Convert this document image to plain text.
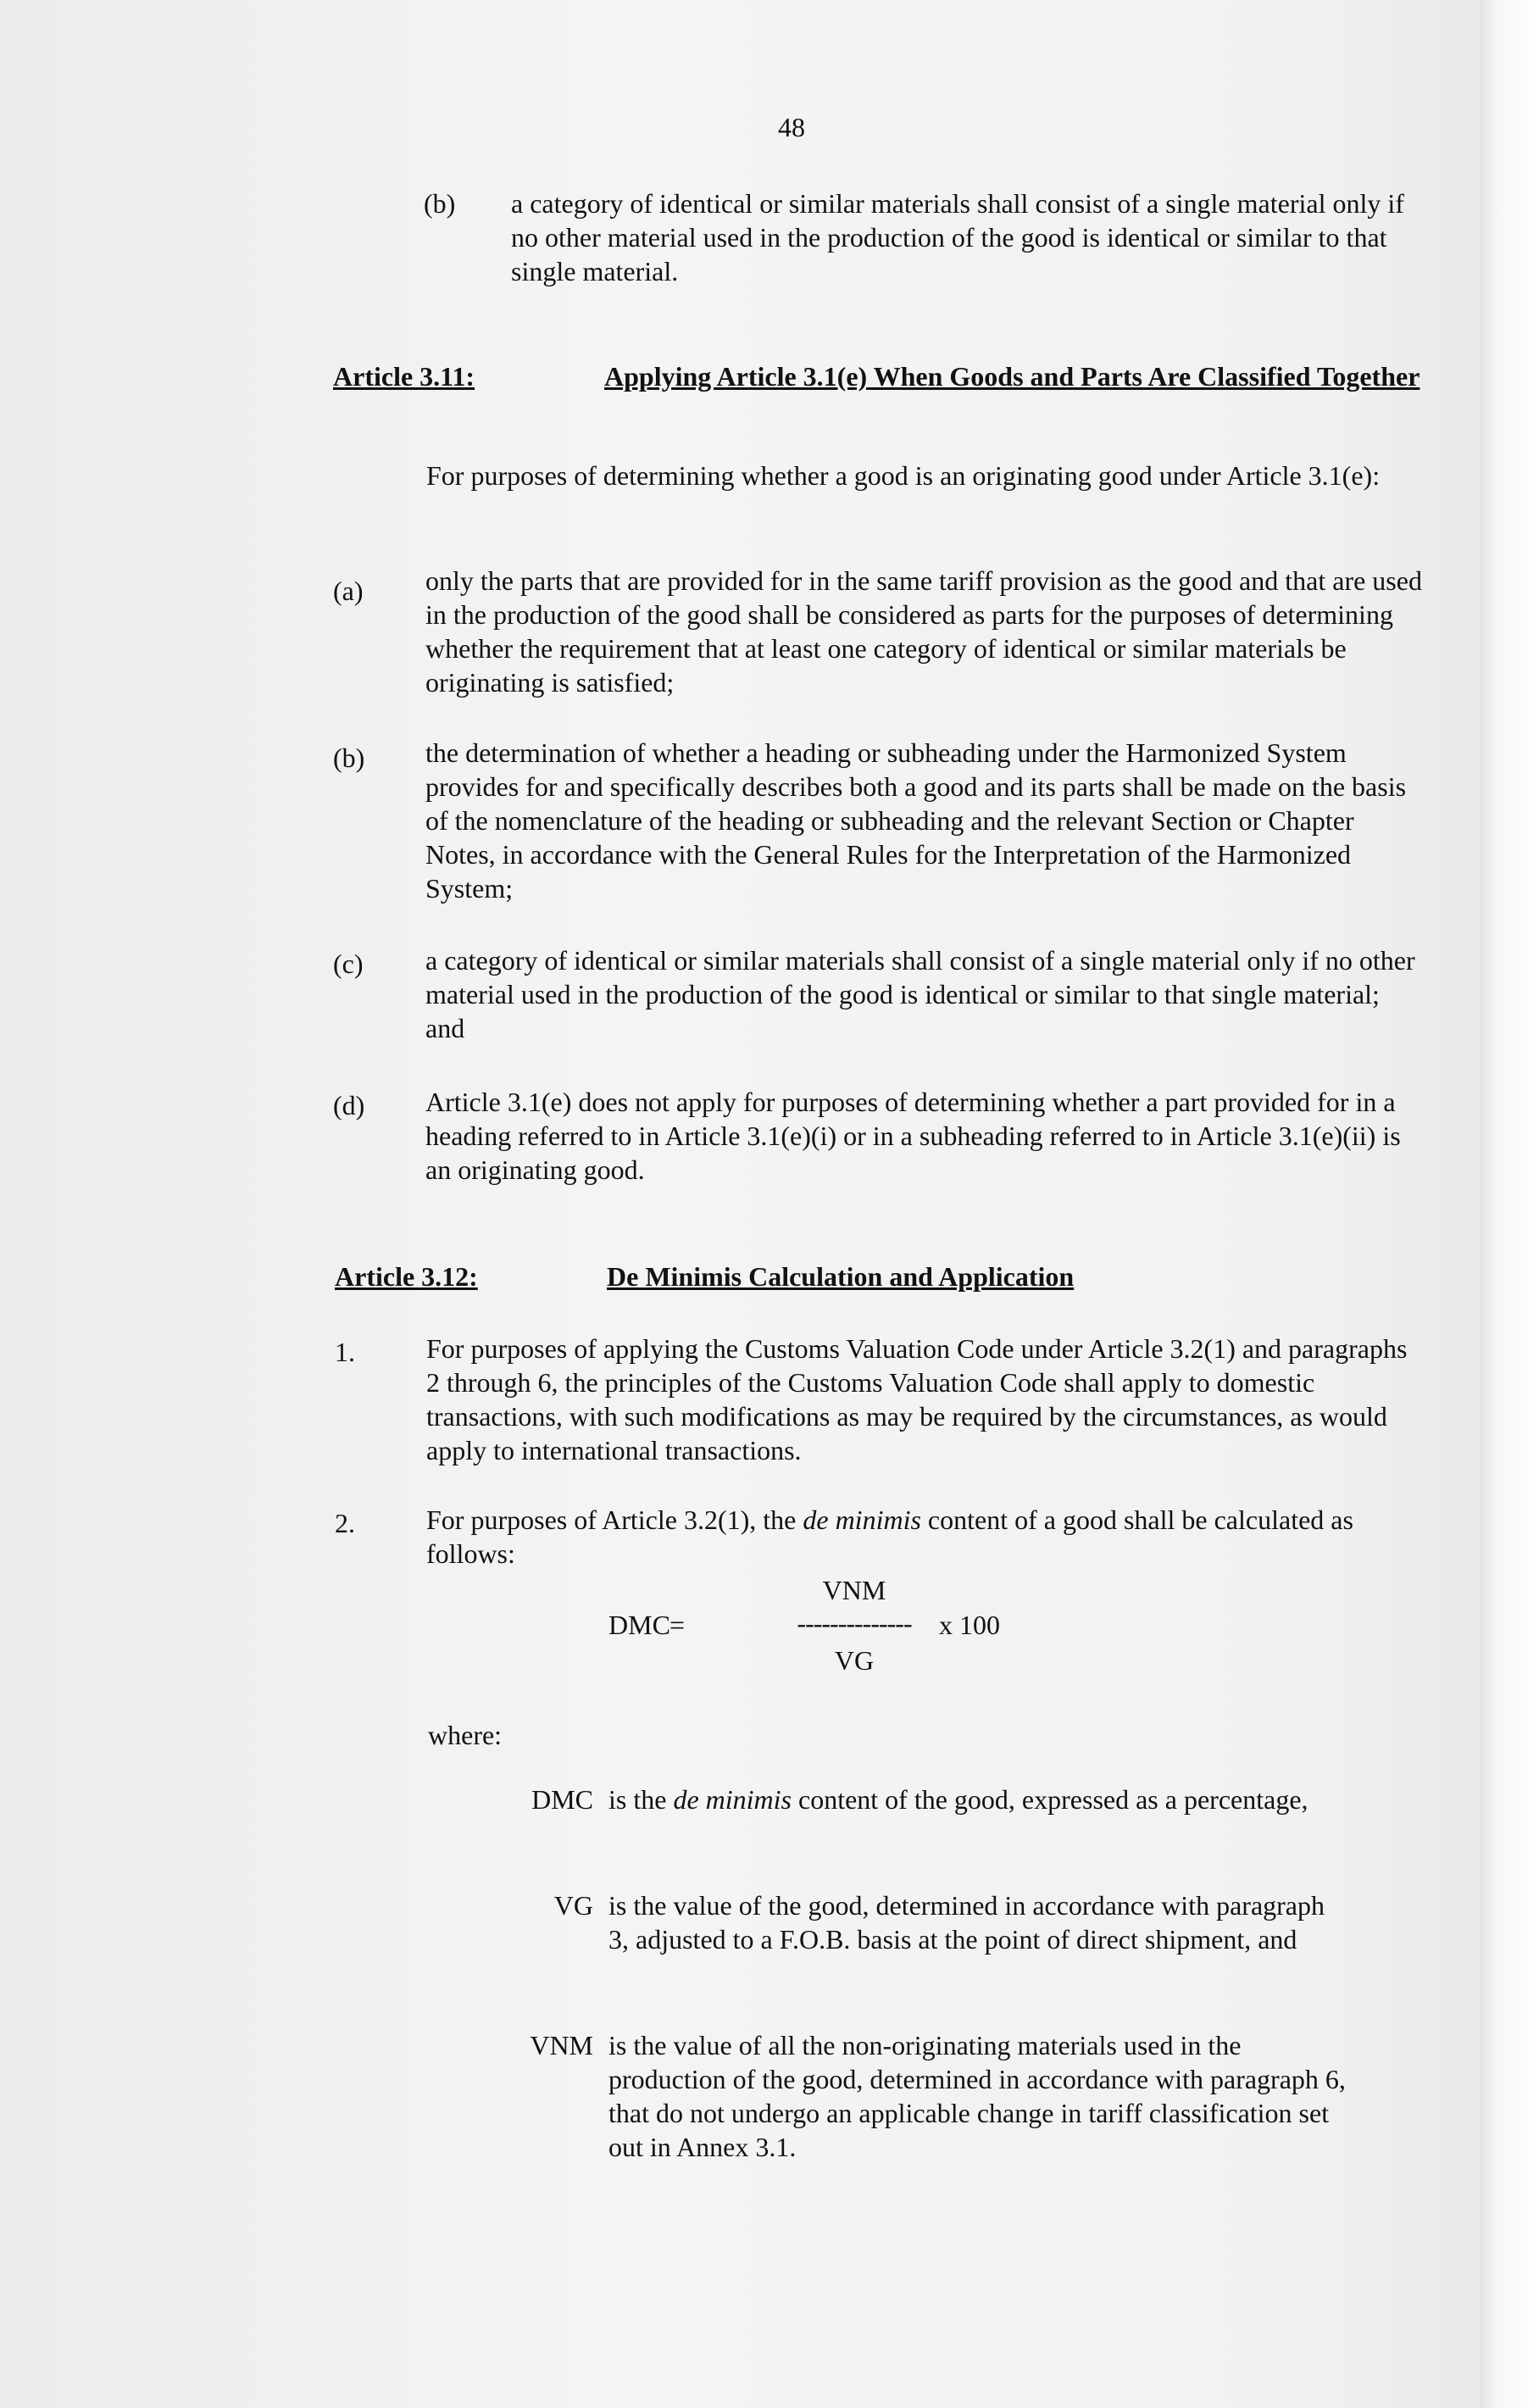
48
(b)	a category of identical or similar materials shall consist of a single material only if no other material used in the production of the good is identical or similar to that single material.
Article 3.11:	Applying Article 3.1(e) When Goods and Parts Are Classified Together
For purposes of determining whether a good is an originating good under Article 3.1(e):
(a)	only the parts that are provided for in the same tariff provision as the good and that are used in the production of the good shall be considered as parts for the purposes of determining whether the requirement that at least one category of identical or similar materials be originating is satisfied;
(b)	the determination of whether a heading or subheading under the Harmonized System provides for and specifically describes both a good and its parts shall be made on the basis of the nomenclature of the heading or subheading and the relevant Section or Chapter Notes, in accordance with the General Rules for the Interpretation of the Harmonized System;
(c)	a category of identical or similar materials shall consist of a single material only if no other material used in the production of the good is identical or similar to that single material; and
(d)	Article 3.1(e) does not apply for purposes of determining whether a part provided for in a heading referred to in Article 3.1(e)(i) or in a subheading referred to in Article 3.1(e)(ii) is an originating good.
Article 3.12:	De Minimis Calculation and Application
1.	For purposes of applying the Customs Valuation Code under Article 3.2(1) and paragraphs 2 through 6, the principles of the Customs Valuation Code shall apply to domestic transactions, with such modifications as may be required by the circumstances, as would apply to international transactions.
2.	For purposes of Article 3.2(1), the de minimis content of a good shall be calculated as follows:
DMC =
VNM
--------------
VG
x 100
where:
DMC is the de minimis content of the good, expressed as a percentage,
VG is the value of the good, determined in accordance with paragraph 3, adjusted to a F.O.B. basis at the point of direct shipment, and
VNM is the value of all the non-originating materials used in the production of the good, determined in accordance with paragraph 6, that do not undergo an applicable change in tariff classification set out in Annex 3.1.
